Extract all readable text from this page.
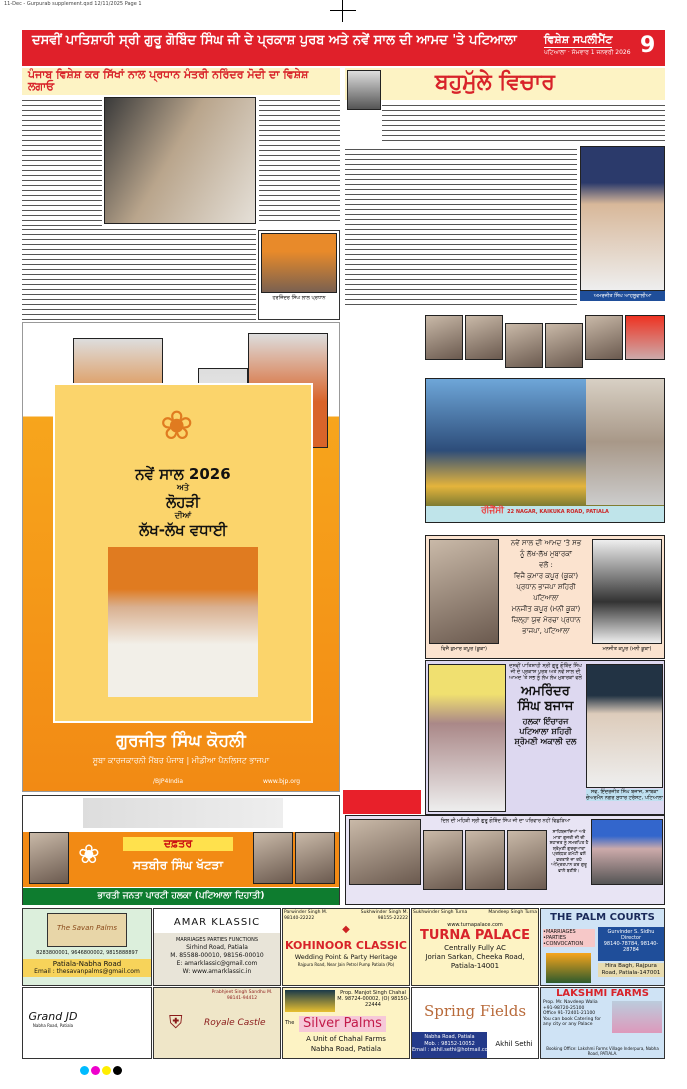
11-Dec - Gurpurab supplement.qxd 12/11/2025 Page 1
ਦਸਵੀਂ ਪਾਤਿਸ਼ਾਹੀ ਸ੍ਰੀ ਗੁਰੂ ਗੋਬਿੰਦ ਸਿੰਘ ਜੀ ਦੇ ਪ੍ਰਕਾਸ਼ ਪੁਰਬ ਅਤੇ ਨਵੇਂ ਸਾਲ ਦੀ ਆਮਦ 'ਤੇ ਪਟਿਆਲਾ	ਵਿਸ਼ੇਸ਼ ਸਪਲੀਮੈਂਟ
ਪਟਿਆਲਾ · ਸੋਮਵਾਰ 1 ਜਨਵਰੀ 2026 9
ਪੰਜਾਬ ਵਿਸ਼ੇਸ਼ ਕਰ ਸਿੱਖਾਂ ਨਾਲ ਪ੍ਰਧਾਨ ਮੰਤਰੀ ਨਰਿੰਦਰ ਮੋਦੀ ਦਾ ਵਿਸ਼ੇਸ਼ ਲਗਾਓ
ਹਰਜਿੰਦਰ ਸਿੰਘ ਲਾਲ ਪ੍ਰਧਾਨ
ਬਹੁਮੁੱਲੇ ਵਿਚਾਰ
ਅਮਰਜੀਤ ਸਿੰਘ ਆਹਲੂਵਾਲੀਆ
❀
ਨਵੇਂ ਸਾਲ 2026
ਅਤੇ
ਲੋਹੜੀ
ਦੀਆਂ
ਲੱਖ-ਲੱਖ ਵਧਾਈ
ਗੁਰਜੀਤ ਸਿੰਘ ਕੋਹਲੀ
ਸੂਬਾ ਕਾਰਜਕਾਰਨੀ ਮੈਂਬਰ ਪੰਜਾਬ | ਮੀਡੀਆ ਪੈਨਲਿਸਟ ਭਾਜਪਾ
/BJP4India	www.bjp.org
❀	ਦਫ਼ਤਰ
ਸਤਬੀਰ ਸਿੰਘ ਖੱਟੜਾ
ਭਾਰਤੀ ਜਨਤਾ ਪਾਰਟੀ ਹਲਕਾ (ਪਟਿਆਲਾ ਦਿਹਾਤੀ)
ਰੀਜੈਂਸੀ 22 NAGAR, KAIKUKA ROAD, PATIALA
ਵਿਜੈ ਕੁਮਾਰ ਕਪੂਰ (ਕੂਕਾ)
ਨਵੇਂ ਸਾਲ ਦੀ ਆਮਦ 'ਤੇ ਸਭ
ਨੂੰ ਲੱਖ-ਲੱਖ ਮੁਬਾਰਕਾਂ
ਵਲੋਂ :
ਵਿਜੈ ਕੁਮਾਰ ਕਪੂਰ (ਕੂਕਾ)
ਪ੍ਰਧਾਨ ਭਾਜਪਾ ਸ਼ਹਿਰੀ
ਪਟਿਆਲਾ
ਮਨਜੀਤ ਕਪੂਰ (ਮਨੀ ਕੂਕਾ)
ਜ਼ਿਲ੍ਹਾ ਯੁਵ ਮੋਰਚਾ ਪ੍ਰਧਾਨ
ਭਾਜਪਾ, ਪਟਿਆਲਾ
ਮਨਜੀਤ ਕਪੂਰ (ਮਨੀ ਕੂਕਾ)
ਦਸਵੀਂ ਪਾਤਿਸ਼ਾਹੀ ਸ੍ਰੀ ਗੁਰੂ ਗੋਬਿੰਦ ਸਿੰਘ ਜੀ ਦੇ ਪ੍ਰਕਾਸ਼ ਪੁਰਬ ਅਤੇ ਨਵੇਂ ਸਾਲ ਦੀ ਆਮਦ 'ਤੇ ਸਭ ਨੂੰ ਲੱਖ ਲੱਖ ਮੁਬਾਰਕਾਂ ਵਲੋਂ
ਅਮਰਿੰਦਰ ਸਿੰਘ ਬਜਾਜ
ਹਲਕਾ ਇੰਚਾਰਜ ਪਟਿਆਲਾ ਸ਼ਹਿਰੀ ਸ਼੍ਰੋਮਣੀ ਅਕਾਲੀ ਦਲ
ਸਵ. ਇੰਦਰਜੀਤ ਸਿੰਘ ਬਜਾਜ, ਸਾਬਕਾ ਚੇਅਰਮੈਨ ਨਗਰ ਸੁਧਾਰ ਟਰੱਸਟ, ਪਟਿਆਲਾ
ਦਿਲ ਦੀ ਮਹਿਕੀ ਸ੍ਰੀ ਗੁਰੂ ਗੋਬਿੰਦ ਸਿੰਘ ਜੀ ਦਾ ਪਰਿਵਾਰ ਨਹੀਂ ਵਿਛੜਿਆ
ਸਾਹਿਬਜ਼ਾਦਿਆਂ ਅਤੇ ਮਾਤਾ ਗੁਜਰੀ ਜੀ ਦੀ ਸ਼ਹਾਦਤ ਨੂੰ ਸਮਰਪਿਤ ਹੈ ਸ਼੍ਰੋਮਣੀ ਗੁਰਦੁਆਰਾ ਪ੍ਰਬੰਧਕ ਕਮੇਟੀ ਵਲੋਂ ਵਰਤਾਏ ਜਾ ਰਹੇ ਅੰਮ੍ਰਿਤਪਾਨ ਕਰ ਗੁਰੂ ਵਾਲੇ ਬਣੀਏ।
The Savan Palms
8283800001, 9646800002, 9815888897
Patiala-Nabha Road
Email : thesavanpalms@gmail.com
AMAR KLASSIC
MARRIAGES PARTIES FUNCTIONS
Sirhind Road, Patiala
M. 85588-00010, 98156-00010
E: amarklassic@gmail.com
W: www.amarklassic.in
Parwinder Singh M. 98140-22222
Sukhwinder Singh M. 98155-22222
◆
KOHINOOR CLASSIC
Wedding Point & Party Heritage
Rajpura Road, Near Jain Petrol Pump Patiala (Pb)
Sukhwinder Singh Turna	Mandeep Singh Turna
www.turnapalace.com
TURNA PALACE
Centrally Fully AC
Jorian Sarkan, Cheeka Road,
Patiala-14001
THE PALM COURTS
•MARRIAGES
•PARTIES
•CONVOCATION
Gurvinder S. Sidhu
Director
98140-78784, 98140-28784
Hira Bagh, Rajpura Road, Patiala-147001
Grand JD
Nabha Road, Patiala	⛨
Prabhjeet Singh Sandhu M. 98141-94412
Royale Castle
Prop. Manjot Singh Chahal M. 98724-00002, (O) 98150-22444
The Silver Palms
A Unit of Chahal Farms
Nabha Road, Patiala
Spring Fields
Nabha Road, Patiala
Mob. : 98152-10052
Email : akhil.sethi@hotmail.com
Akhil Sethi
LAKSHMI FARMS
Prop. Mr. Navdeep Walia
+91-98720-25100
Office 91-72401-21100
You can book Catering for any city or any Palace
Booking Office: Lakshmi Farms Village Inderpura, Nabha Road, PATIALA.
